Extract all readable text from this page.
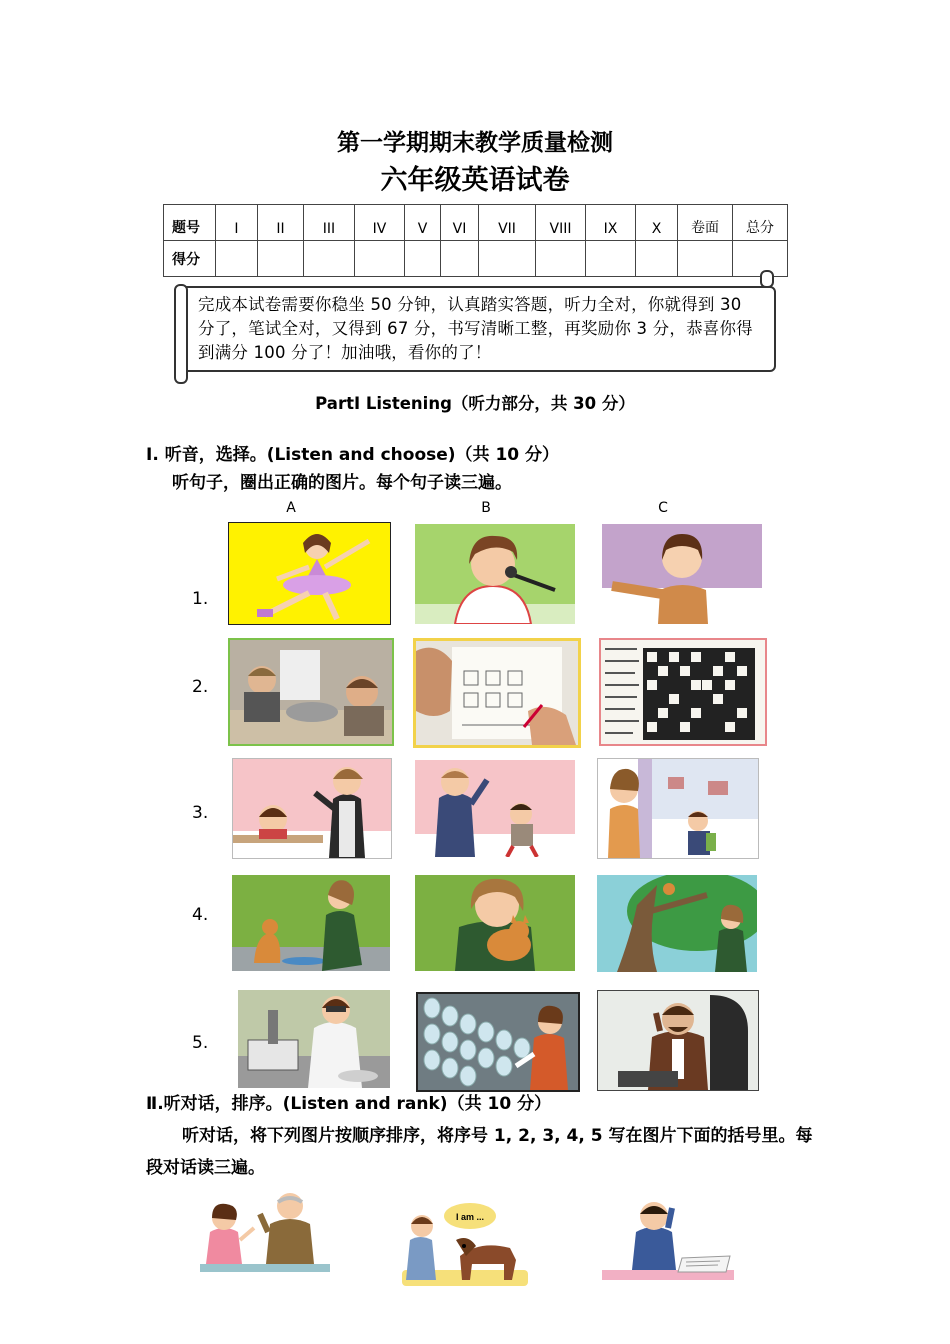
第一学期期末教学质量检测
六年级英语试卷
题号	I	II	III	IV	V	VI	VII	VIII	IX	X	卷面	总分
得分												
完成本试卷需要你稳坐 50 分钟，认真踏实答题，听力全对，你就得到 30 分了，笔试全对，又得到 67 分，书写清晰工整，再奖励你 3 分，恭喜你得到满分 100 分了！加油哦，看你的了！
PartⅠ Listening（听力部分，共 30 分）
Ⅰ. 听音，选择。(Listen and choose)（共 10 分）
听句子，圈出正确的图片。每个句子读三遍。
A	B	C
1.
2.
3.
4.
5.
Ⅱ.听对话，排序。(Listen and rank)（共 10 分）
听对话，将下列图片按顺序排序，将序号 1, 2, 3, 4, 5 写在图片下面的括号里。每段对话读三遍。
I am ...
